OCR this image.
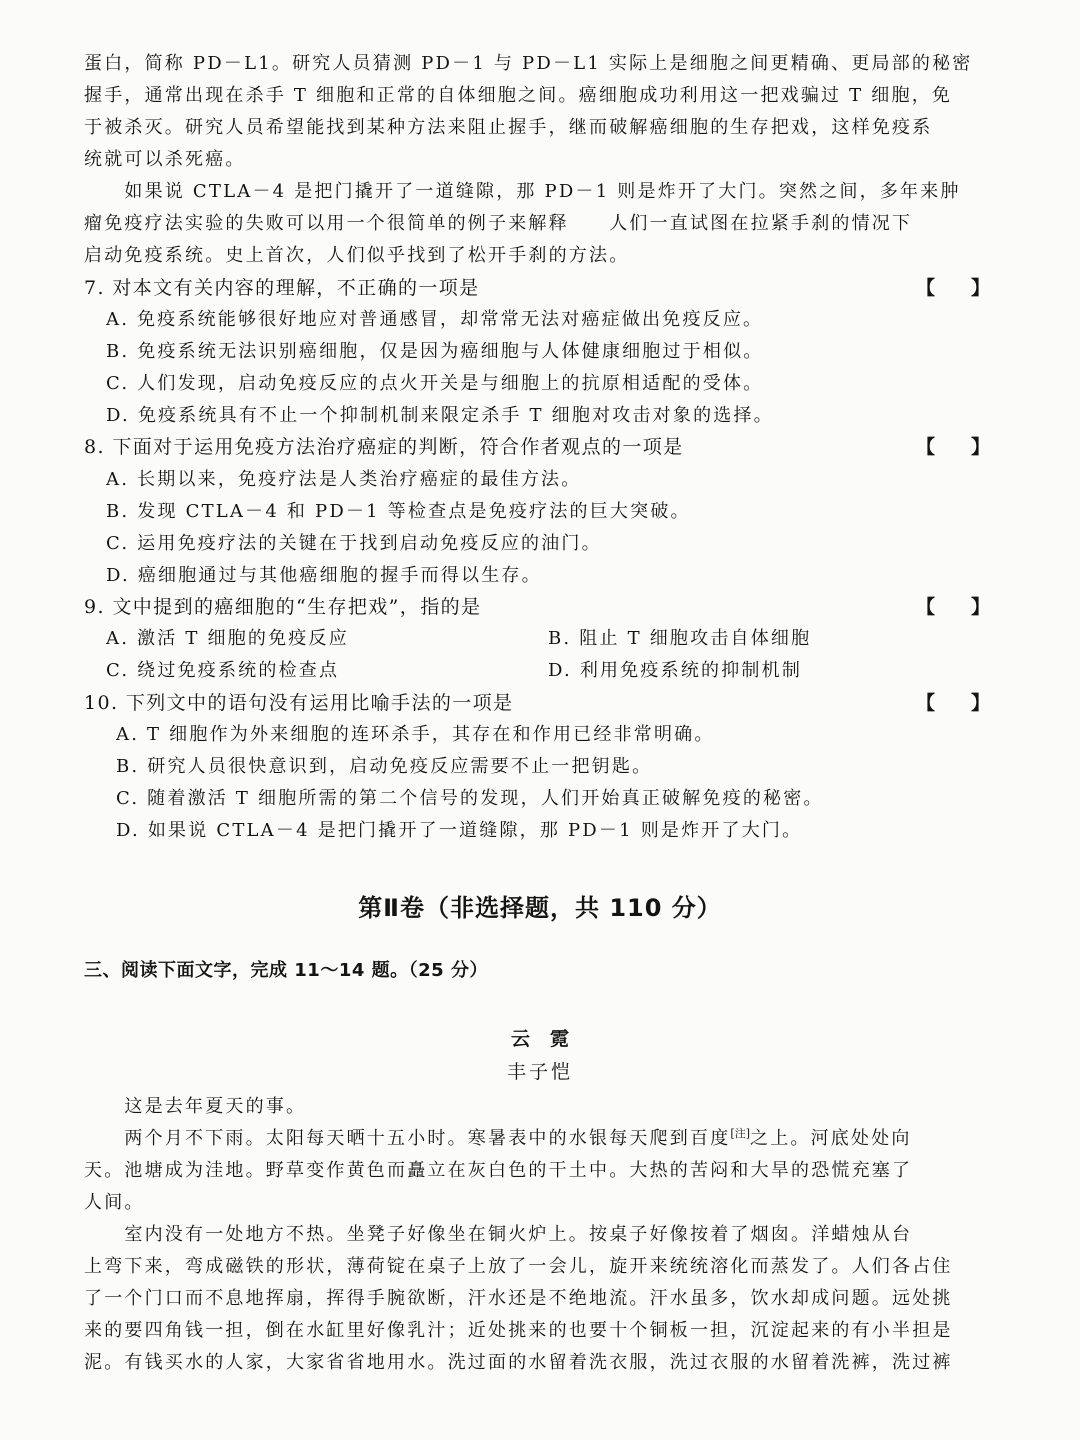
蛋白，简称 PD－L1。研究人员猜测 PD－1 与 PD－L1 实际上是细胞之间更精确、更局部的秘密
握手，通常出现在杀手 T 细胞和正常的自体细胞之间。癌细胞成功利用这一把戏骗过 T 细胞，免
于被杀灭。研究人员希望能找到某种方法来阻止握手，继而破解癌细胞的生存把戏，这样免疫系
统就可以杀死癌。
　　如果说 CTLA－4 是把门撬开了一道缝隙，那 PD－1 则是炸开了大门。突然之间，多年来肿
瘤免疫疗法实验的失败可以用一个很简单的例子来解释　　人们一直试图在拉紧手刹的情况下
启动免疫系统。史上首次，人们似乎找到了松开手刹的方法。
7. 对本文有关内容的理解，不正确的一项是	【 】
A. 免疫系统能够很好地应对普通感冒，却常常无法对癌症做出免疫反应。
B. 免疫系统无法识别癌细胞，仅是因为癌细胞与人体健康细胞过于相似。
C. 人们发现，启动免疫反应的点火开关是与细胞上的抗原相适配的受体。
D. 免疫系统具有不止一个抑制机制来限定杀手 T 细胞对攻击对象的选择。
8. 下面对于运用免疫方法治疗癌症的判断，符合作者观点的一项是	【 】
A. 长期以来，免疫疗法是人类治疗癌症的最佳方法。
B. 发现 CTLA－4 和 PD－1 等检查点是免疫疗法的巨大突破。
C. 运用免疫疗法的关键在于找到启动免疫反应的油门。
D. 癌细胞通过与其他癌细胞的握手而得以生存。
9. 文中提到的癌细胞的“生存把戏”，指的是	【 】
A. 激活 T 细胞的免疫反应	B. 阻止 T 细胞攻击自体细胞
C. 绕过免疫系统的检查点	D. 利用免疫系统的抑制机制
10. 下列文中的语句没有运用比喻手法的一项是	【 】
A. T 细胞作为外来细胞的连环杀手，其存在和作用已经非常明确。
B. 研究人员很快意识到，启动免疫反应需要不止一把钥匙。
C. 随着激活 T 细胞所需的第二个信号的发现，人们开始真正破解免疫的秘密。
D. 如果说 CTLA－4 是把门撬开了一道缝隙，那 PD－1 则是炸开了大门。
第Ⅱ卷（非选择题，共 110 分）
三、阅读下面文字，完成 11～14 题。（25 分）
云霓
丰子恺
　　这是去年夏天的事。
　　两个月不下雨。太阳每天晒十五小时。寒暑表中的水银每天爬到百度[注]之上。河底处处向
天。池塘成为洼地。野草变作黄色而矗立在灰白色的干土中。大热的苦闷和大旱的恐慌充塞了
人间。
　　室内没有一处地方不热。坐凳子好像坐在铜火炉上。按桌子好像按着了烟囱。洋蜡烛从台
上弯下来，弯成磁铁的形状，薄荷锭在桌子上放了一会儿，旋开来统统溶化而蒸发了。人们各占住
了一个门口而不息地挥扇，挥得手腕欲断，汗水还是不绝地流。汗水虽多，饮水却成问题。远处挑
来的要四角钱一担，倒在水缸里好像乳汁；近处挑来的也要十个铜板一担，沉淀起来的有小半担是
泥。有钱买水的人家，大家省省地用水。洗过面的水留着洗衣服，洗过衣服的水留着洗裤，洗过裤
